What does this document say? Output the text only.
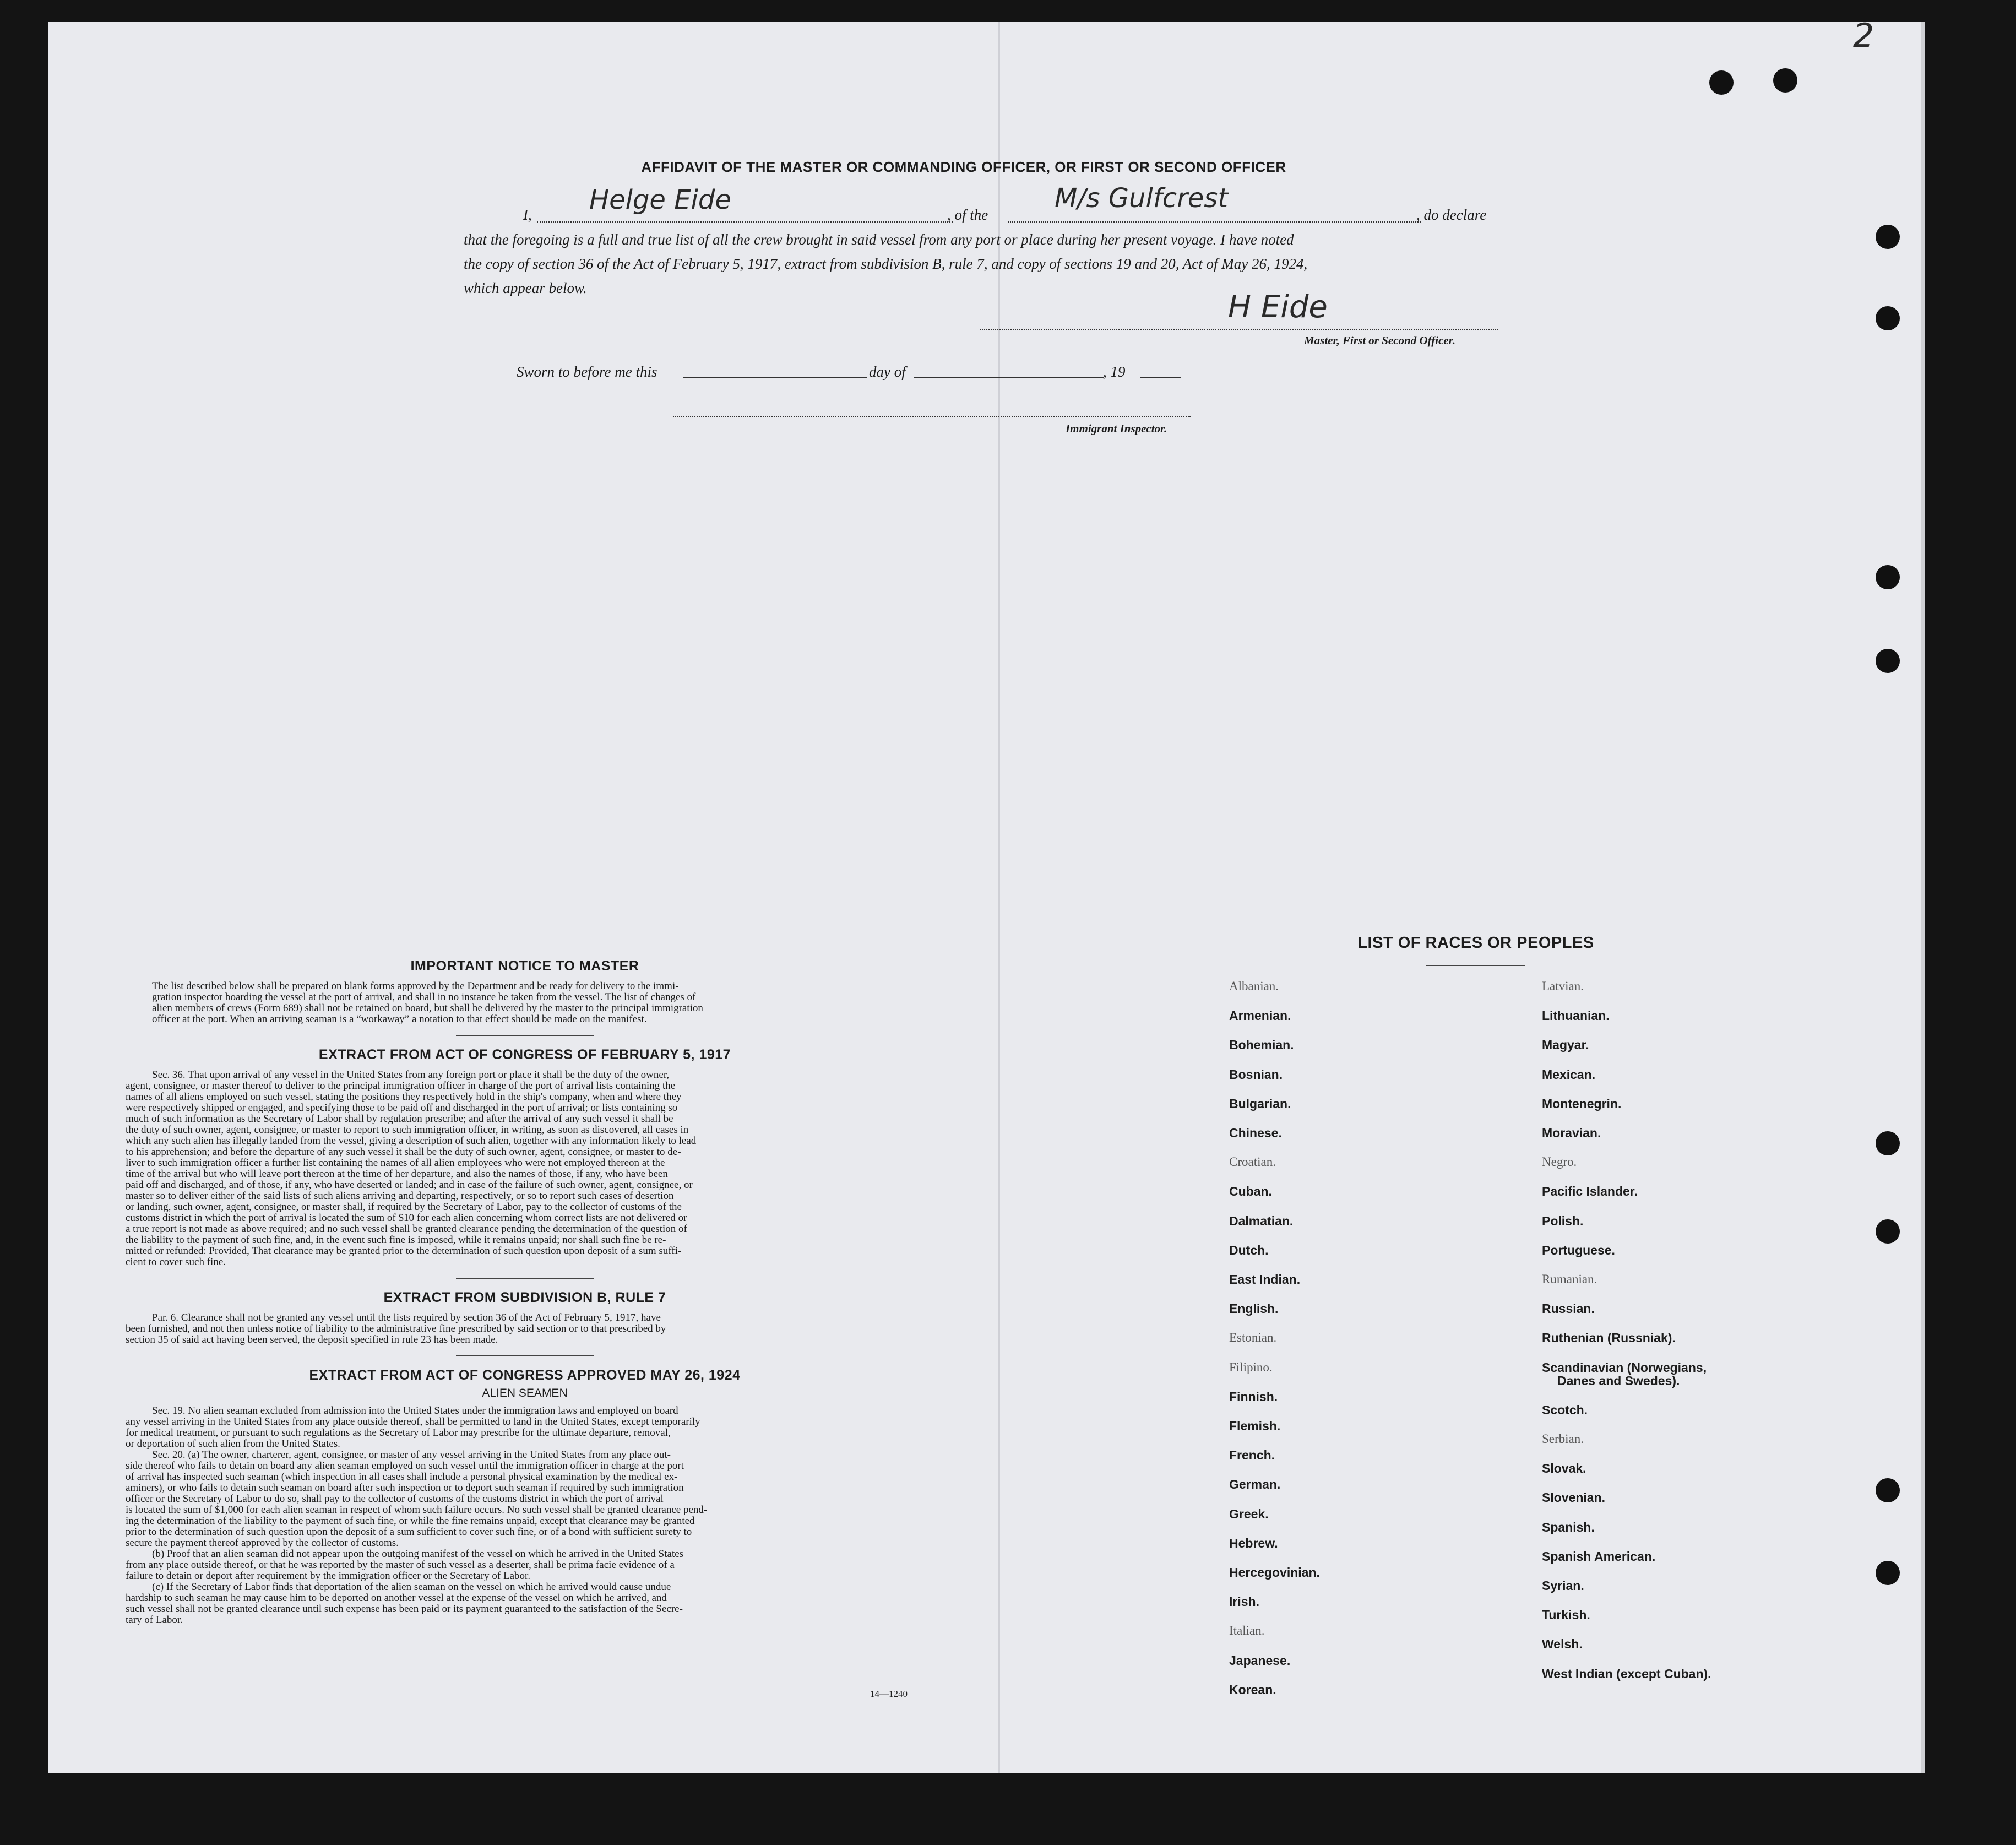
2
AFFIDAVIT OF THE MASTER OR COMMANDING OFFICER, OR FIRST OR SECOND OFFICER
I, Helge Eide	, of the
M/s Gulfcrest
, do declare
that the foregoing is a full and true list of all the crew brought in said vessel from any port or place during her present voyage. I have noted
the copy of section 36 of the Act of February 5, 1917, extract from subdivision B, rule 7, and copy of sections 19 and 20, Act of May 26, 1924,
which appear below.
H Eide
Master, First or Second Officer.
Sworn to before me this	day of	, 19
Immigrant Inspector.
IMPORTANT NOTICE TO MASTER
The list described below shall be prepared on blank forms approved by the Department and be ready for delivery to the immi-
gration inspector boarding the vessel at the port of arrival, and shall in no instance be taken from the vessel. The list of changes of
alien members of crews (Form 689) shall not be retained on board, but shall be delivered by the master to the principal immigration
officer at the port. When an arriving seaman is a “workaway” a notation to that effect should be made on the manifest.
EXTRACT FROM ACT OF CONGRESS OF FEBRUARY 5, 1917
Sec. 36. That upon arrival of any vessel in the United States from any foreign port or place it shall be the duty of the owner,
agent, consignee, or master thereof to deliver to the principal immigration officer in charge of the port of arrival lists containing the
names of all aliens employed on such vessel, stating the positions they respectively hold in the ship's company, when and where they
were respectively shipped or engaged, and specifying those to be paid off and discharged in the port of arrival; or lists containing so
much of such information as the Secretary of Labor shall by regulation prescribe; and after the arrival of any such vessel it shall be
the duty of such owner, agent, consignee, or master to report to such immigration officer, in writing, as soon as discovered, all cases in
which any such alien has illegally landed from the vessel, giving a description of such alien, together with any information likely to lead
to his apprehension; and before the departure of any such vessel it shall be the duty of such owner, agent, consignee, or master to de-
liver to such immigration officer a further list containing the names of all alien employees who were not employed thereon at the
time of the arrival but who will leave port thereon at the time of her departure, and also the names of those, if any, who have been
paid off and discharged, and of those, if any, who have deserted or landed; and in case of the failure of such owner, agent, consignee, or
master so to deliver either of the said lists of such aliens arriving and departing, respectively, or so to report such cases of desertion
or landing, such owner, agent, consignee, or master shall, if required by the Secretary of Labor, pay to the collector of customs of the
customs district in which the port of arrival is located the sum of $10 for each alien concerning whom correct lists are not delivered or
a true report is not made as above required; and no such vessel shall be granted clearance pending the determination of the question of
the liability to the payment of such fine, and, in the event such fine is imposed, while it remains unpaid; nor shall such fine be re-
mitted or refunded: Provided, That clearance may be granted prior to the determination of such question upon deposit of a sum suffi-
cient to cover such fine.
EXTRACT FROM SUBDIVISION B, RULE 7
Par. 6. Clearance shall not be granted any vessel until the lists required by section 36 of the Act of February 5, 1917, have
been furnished, and not then unless notice of liability to the administrative fine prescribed by said section or to that prescribed by
section 35 of said act having been served, the deposit specified in rule 23 has been made.
EXTRACT FROM ACT OF CONGRESS APPROVED MAY 26, 1924
ALIEN SEAMEN
Sec. 19. No alien seaman excluded from admission into the United States under the immigration laws and employed on board
any vessel arriving in the United States from any place outside thereof, shall be permitted to land in the United States, except temporarily
for medical treatment, or pursuant to such regulations as the Secretary of Labor may prescribe for the ultimate departure, removal,
or deportation of such alien from the United States.
Sec. 20. (a) The owner, charterer, agent, consignee, or master of any vessel arriving in the United States from any place out-
side thereof who fails to detain on board any alien seaman employed on such vessel until the immigration officer in charge at the port
of arrival has inspected such seaman (which inspection in all cases shall include a personal physical examination by the medical ex-
aminers), or who fails to detain such seaman on board after such inspection or to deport such seaman if required by such immigration
officer or the Secretary of Labor to do so, shall pay to the collector of customs of the customs district in which the port of arrival
is located the sum of $1,000 for each alien seaman in respect of whom such failure occurs. No such vessel shall be granted clearance pend-
ing the determination of the liability to the payment of such fine, or while the fine remains unpaid, except that clearance may be granted
prior to the determination of such question upon the deposit of a sum sufficient to cover such fine, or of a bond with sufficient surety to
secure the payment thereof approved by the collector of customs.
(b) Proof that an alien seaman did not appear upon the outgoing manifest of the vessel on which he arrived in the United States
from any place outside thereof, or that he was reported by the master of such vessel as a deserter, shall be prima facie evidence of a
failure to detain or deport after requirement by the immigration officer or the Secretary of Labor.
(c) If the Secretary of Labor finds that deportation of the alien seaman on the vessel on which he arrived would cause undue
hardship to such seaman he may cause him to be deported on another vessel at the expense of the vessel on which he arrived, and
such vessel shall not be granted clearance until such expense has been paid or its payment guaranteed to the satisfaction of the Secre-
tary of Labor.
14—1240
LIST OF RACES OR PEOPLES
Albanian.
Armenian.
Bohemian.
Bosnian.
Bulgarian.
Chinese.
Croatian.
Cuban.
Dalmatian.
Dutch.
East Indian.
English.
Estonian.
Filipino.
Finnish.
Flemish.
French.
German.
Greek.
Hebrew.
Hercegovinian.
Irish.
Italian.
Japanese.
Korean.
Latvian.
Lithuanian.
Magyar.
Mexican.
Montenegrin.
Moravian.
Negro.
Pacific Islander.
Polish.
Portuguese.
Rumanian.
Russian.
Ruthenian (Russniak).
Scandinavian (Norwegians,
Danes and Swedes).
Scotch.
Serbian.
Slovak.
Slovenian.
Spanish.
Spanish American.
Syrian.
Turkish.
Welsh.
West Indian (except Cuban).
